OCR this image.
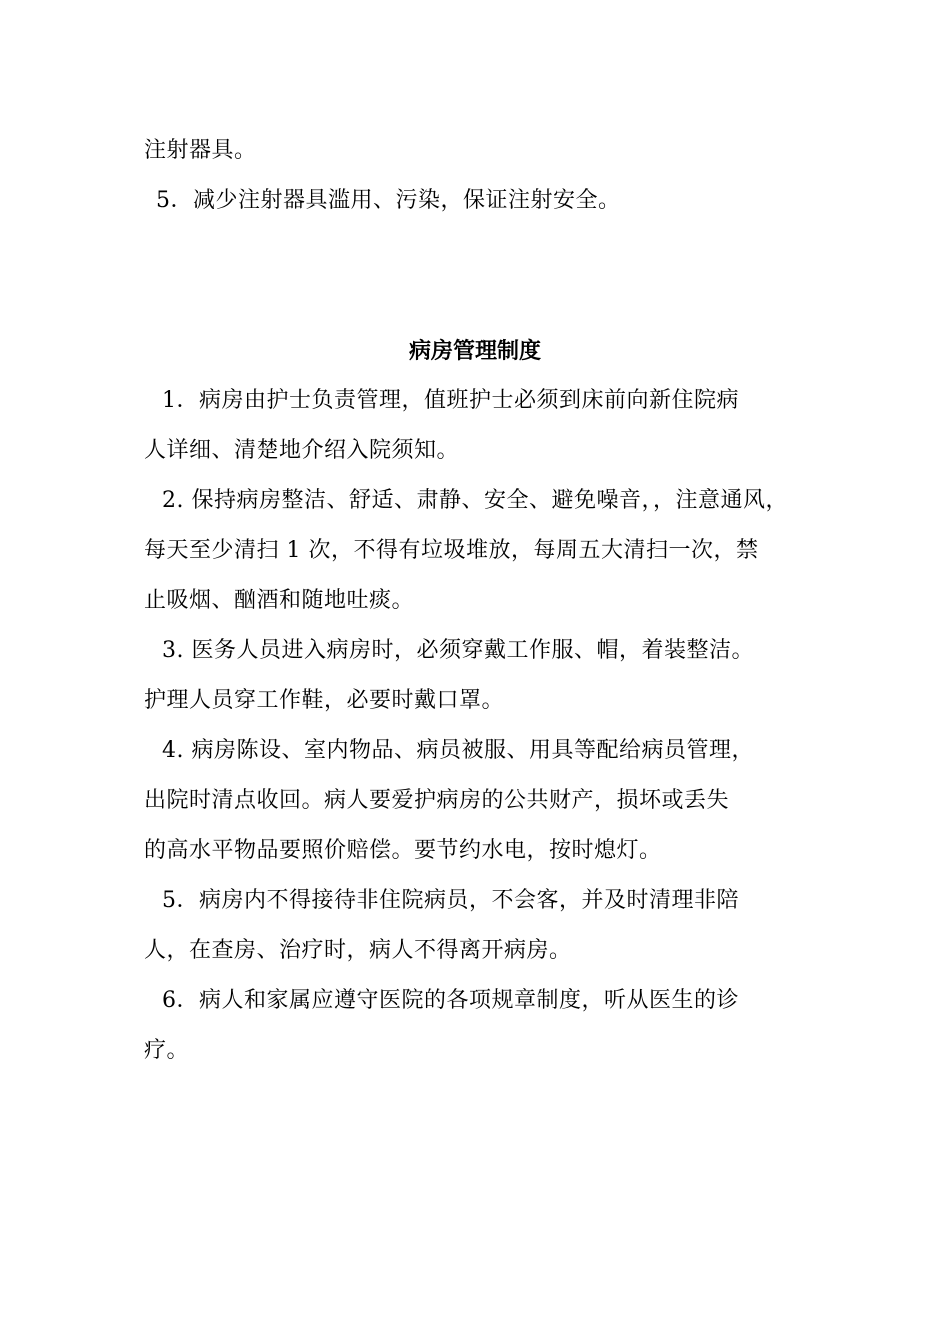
注射器具。
5．减少注射器具滥用、污染，保证注射安全。
病房管理制度
1．病房由护士负责管理，值班护士必须到床前向新住院病
人详细、清楚地介绍入院须知。
2. 保持病房整洁、舒适、肃静、安全、避免噪音，，注意通风，
每天至少清扫 1 次，不得有垃圾堆放，每周五大清扫一次，禁
止吸烟、酗酒和随地吐痰。
3. 医务人员进入病房时，必须穿戴工作服、帽，着装整洁。
护理人员穿工作鞋，必要时戴口罩。
4. 病房陈设、室内物品、病员被服、用具等配给病员管理，
出院时清点收回。病人要爱护病房的公共财产，损坏或丢失
的高水平物品要照价赔偿。要节约水电，按时熄灯。
5．病房内不得接待非住院病员，不会客，并及时清理非陪
人，在查房、治疗时，病人不得离开病房。
6．病人和家属应遵守医院的各项规章制度，听从医生的诊
疗。
